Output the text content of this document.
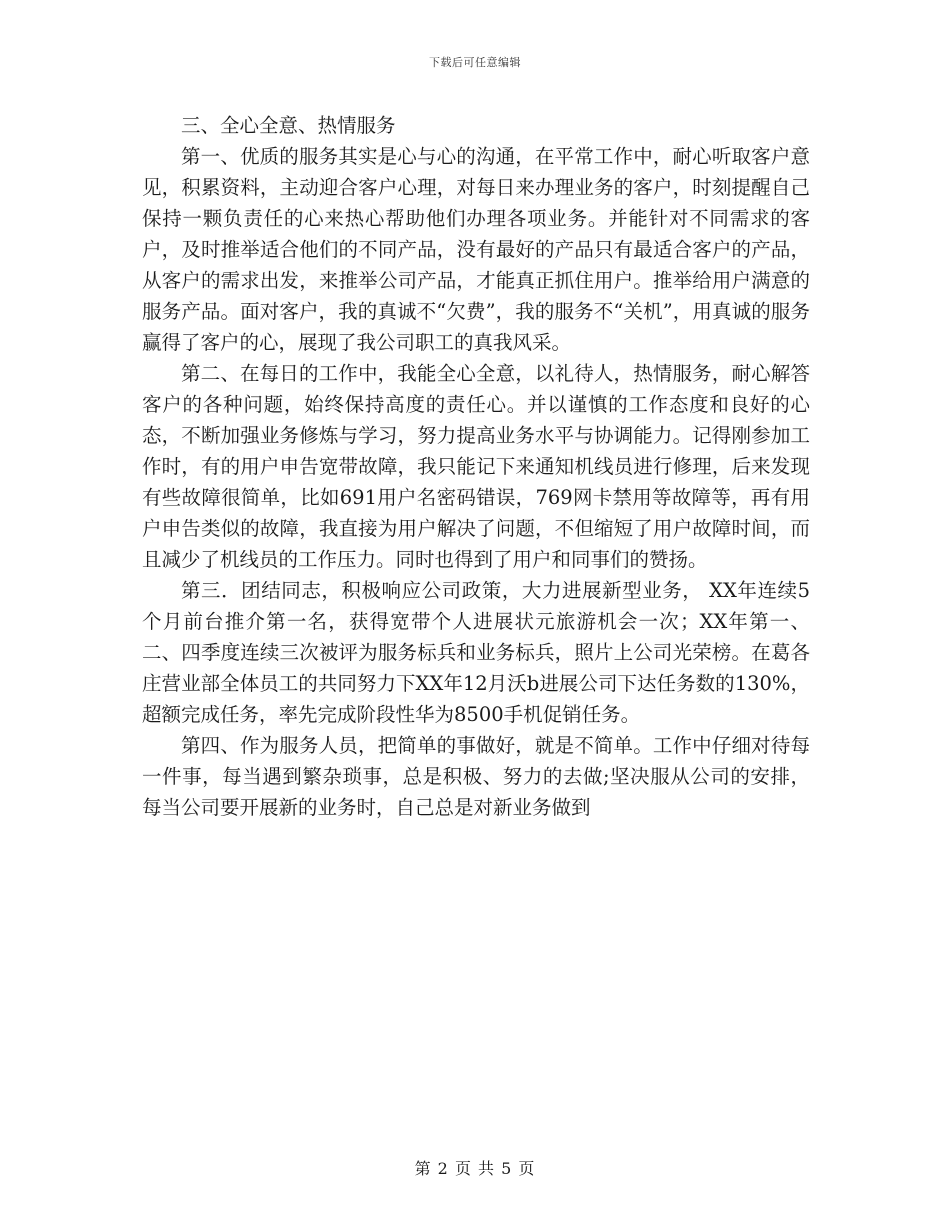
下载后可任意编辑

三、全心全意、热情服务

第一、优质的服务其实是心与心的沟通，在平常工作中，耐心听取客户意见，积累资料，主动迎合客户心理，对每日来办理业务的客户，时刻提醒自己保持一颗负责任的心来热心帮助他们办理各项业务。并能针对不同需求的客户，及时推举适合他们的不同产品，没有最好的产品只有最适合客户的产品，从客户的需求出发，来推举公司产品，才能真正抓住用户。推举给用户满意的服务产品。面对客户，我的真诚不“欠费”，我的服务不“关机”，用真诚的服务赢得了客户的心，展现了我公司职工的真我风采。

第二、在每日的工作中，我能全心全意，以礼待人，热情服务，耐心解答客户的各种问题，始终保持高度的责任心。并以谨慎的工作态度和良好的心态，不断加强业务修炼与学习，努力提高业务水平与协调能力。记得刚参加工作时，有的用户申告宽带故障，我只能记下来通知机线员进行修理，后来发现有些故障很简单，比如691用户名密码错误，769网卡禁用等故障等，再有用户申告类似的故障，我直接为用户解决了问题，不但缩短了用户故障时间，而且减少了机线员的工作压力。同时也得到了用户和同事们的赞扬。

第三．团结同志，积极响应公司政策，大力进展新型业务， XX年连续5个月前台推介第一名，获得宽带个人进展状元旅游机会一次；XX年第一、二、四季度连续三次被评为服务标兵和业务标兵，照片上公司光荣榜。在葛各庄营业部全体员工的共同努力下XX年12月沃b进展公司下达任务数的130%，超额完成任务，率先完成阶段性华为8500手机促销任务。

第四、作为服务人员，把简单的事做好，就是不简单。工作中仔细对待每一件事，每当遇到繁杂琐事，总是积极、努力的去做;坚决服从公司的安排，每当公司要开展新的业务时，自己总是对新业务做到

第 2 页 共 5 页
